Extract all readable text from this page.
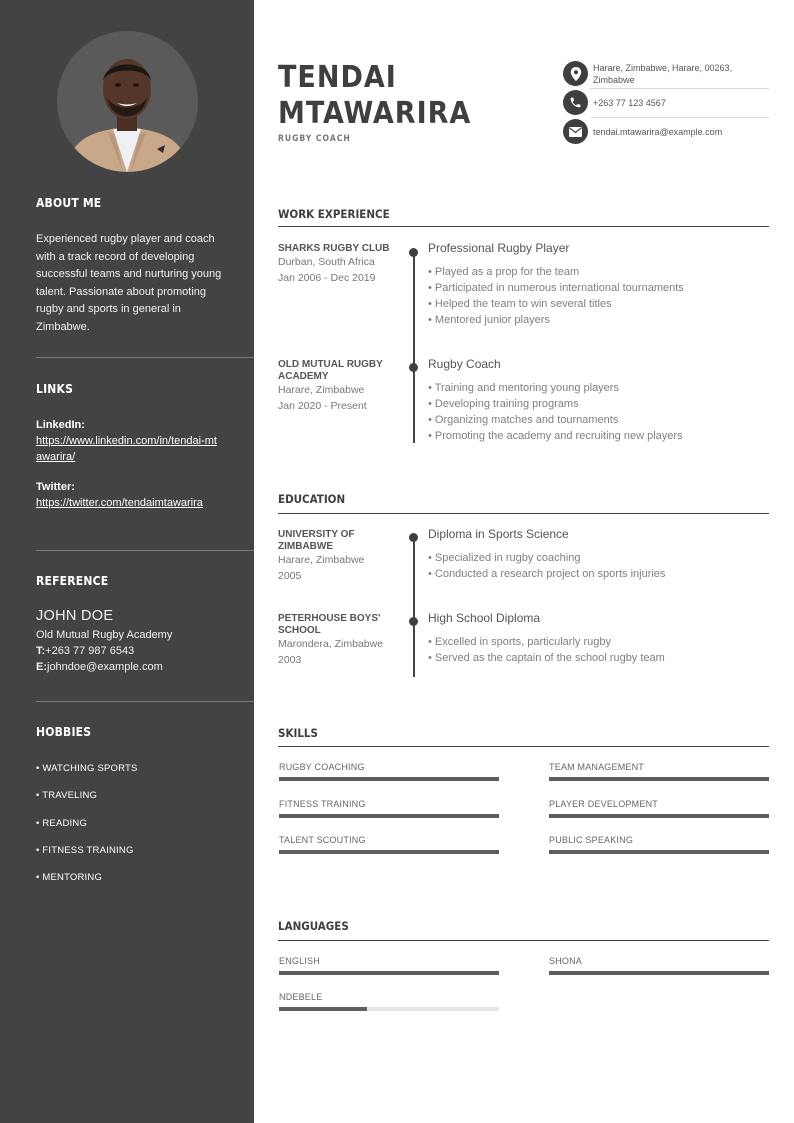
ABOUT ME
Experienced rugby player and coach with a track record of developing successful teams and nurturing young talent. Passionate about promoting rugby and sports in general in Zimbabwe.
LINKS
LinkedIn:
https://www.linkedin.com/in/tendai-mtawarira/
Twitter:
https://twitter.com/tendaimtawarira
REFERENCE
JOHN DOE
Old Mutual Rugby Academy
T:+263 77 987 6543
E:johndoe@example.com
HOBBIES
• WATCHING SPORTS
• TRAVELING
• READING
• FITNESS TRAINING
• MENTORING
TENDAI
MTAWARIRA
RUGBY COACH
Harare, Zimbabwe, Harare, 00263, Zimbabwe
+263 77 123 4567
tendai.mtawarira@example.com
WORK EXPERIENCE
SHARKS RUGBY CLUB
Durban, South Africa
Jan 2006 - Dec 2019
Professional Rugby Player
• Played as a prop for the team
• Participated in numerous international tournaments
• Helped the team to win several titles
• Mentored junior players
OLD MUTUAL RUGBY ACADEMY
Harare, Zimbabwe
Jan 2020 - Present
Rugby Coach
• Training and mentoring young players
• Developing training programs
• Organizing matches and tournaments
• Promoting the academy and recruiting new players
EDUCATION
UNIVERSITY OF ZIMBABWE
Harare, Zimbabwe
2005
Diploma in Sports Science
• Specialized in rugby coaching
• Conducted a research project on sports injuries
PETERHOUSE BOYS' SCHOOL
Marondera, Zimbabwe
2003
High School Diploma
• Excelled in sports, particularly rugby
• Served as the captain of the school rugby team
SKILLS
RUGBY COACHING	TEAM MANAGEMENT
FITNESS TRAINING	PLAYER DEVELOPMENT
TALENT SCOUTING	PUBLIC SPEAKING
LANGUAGES
ENGLISH	SHONA
NDEBELE
